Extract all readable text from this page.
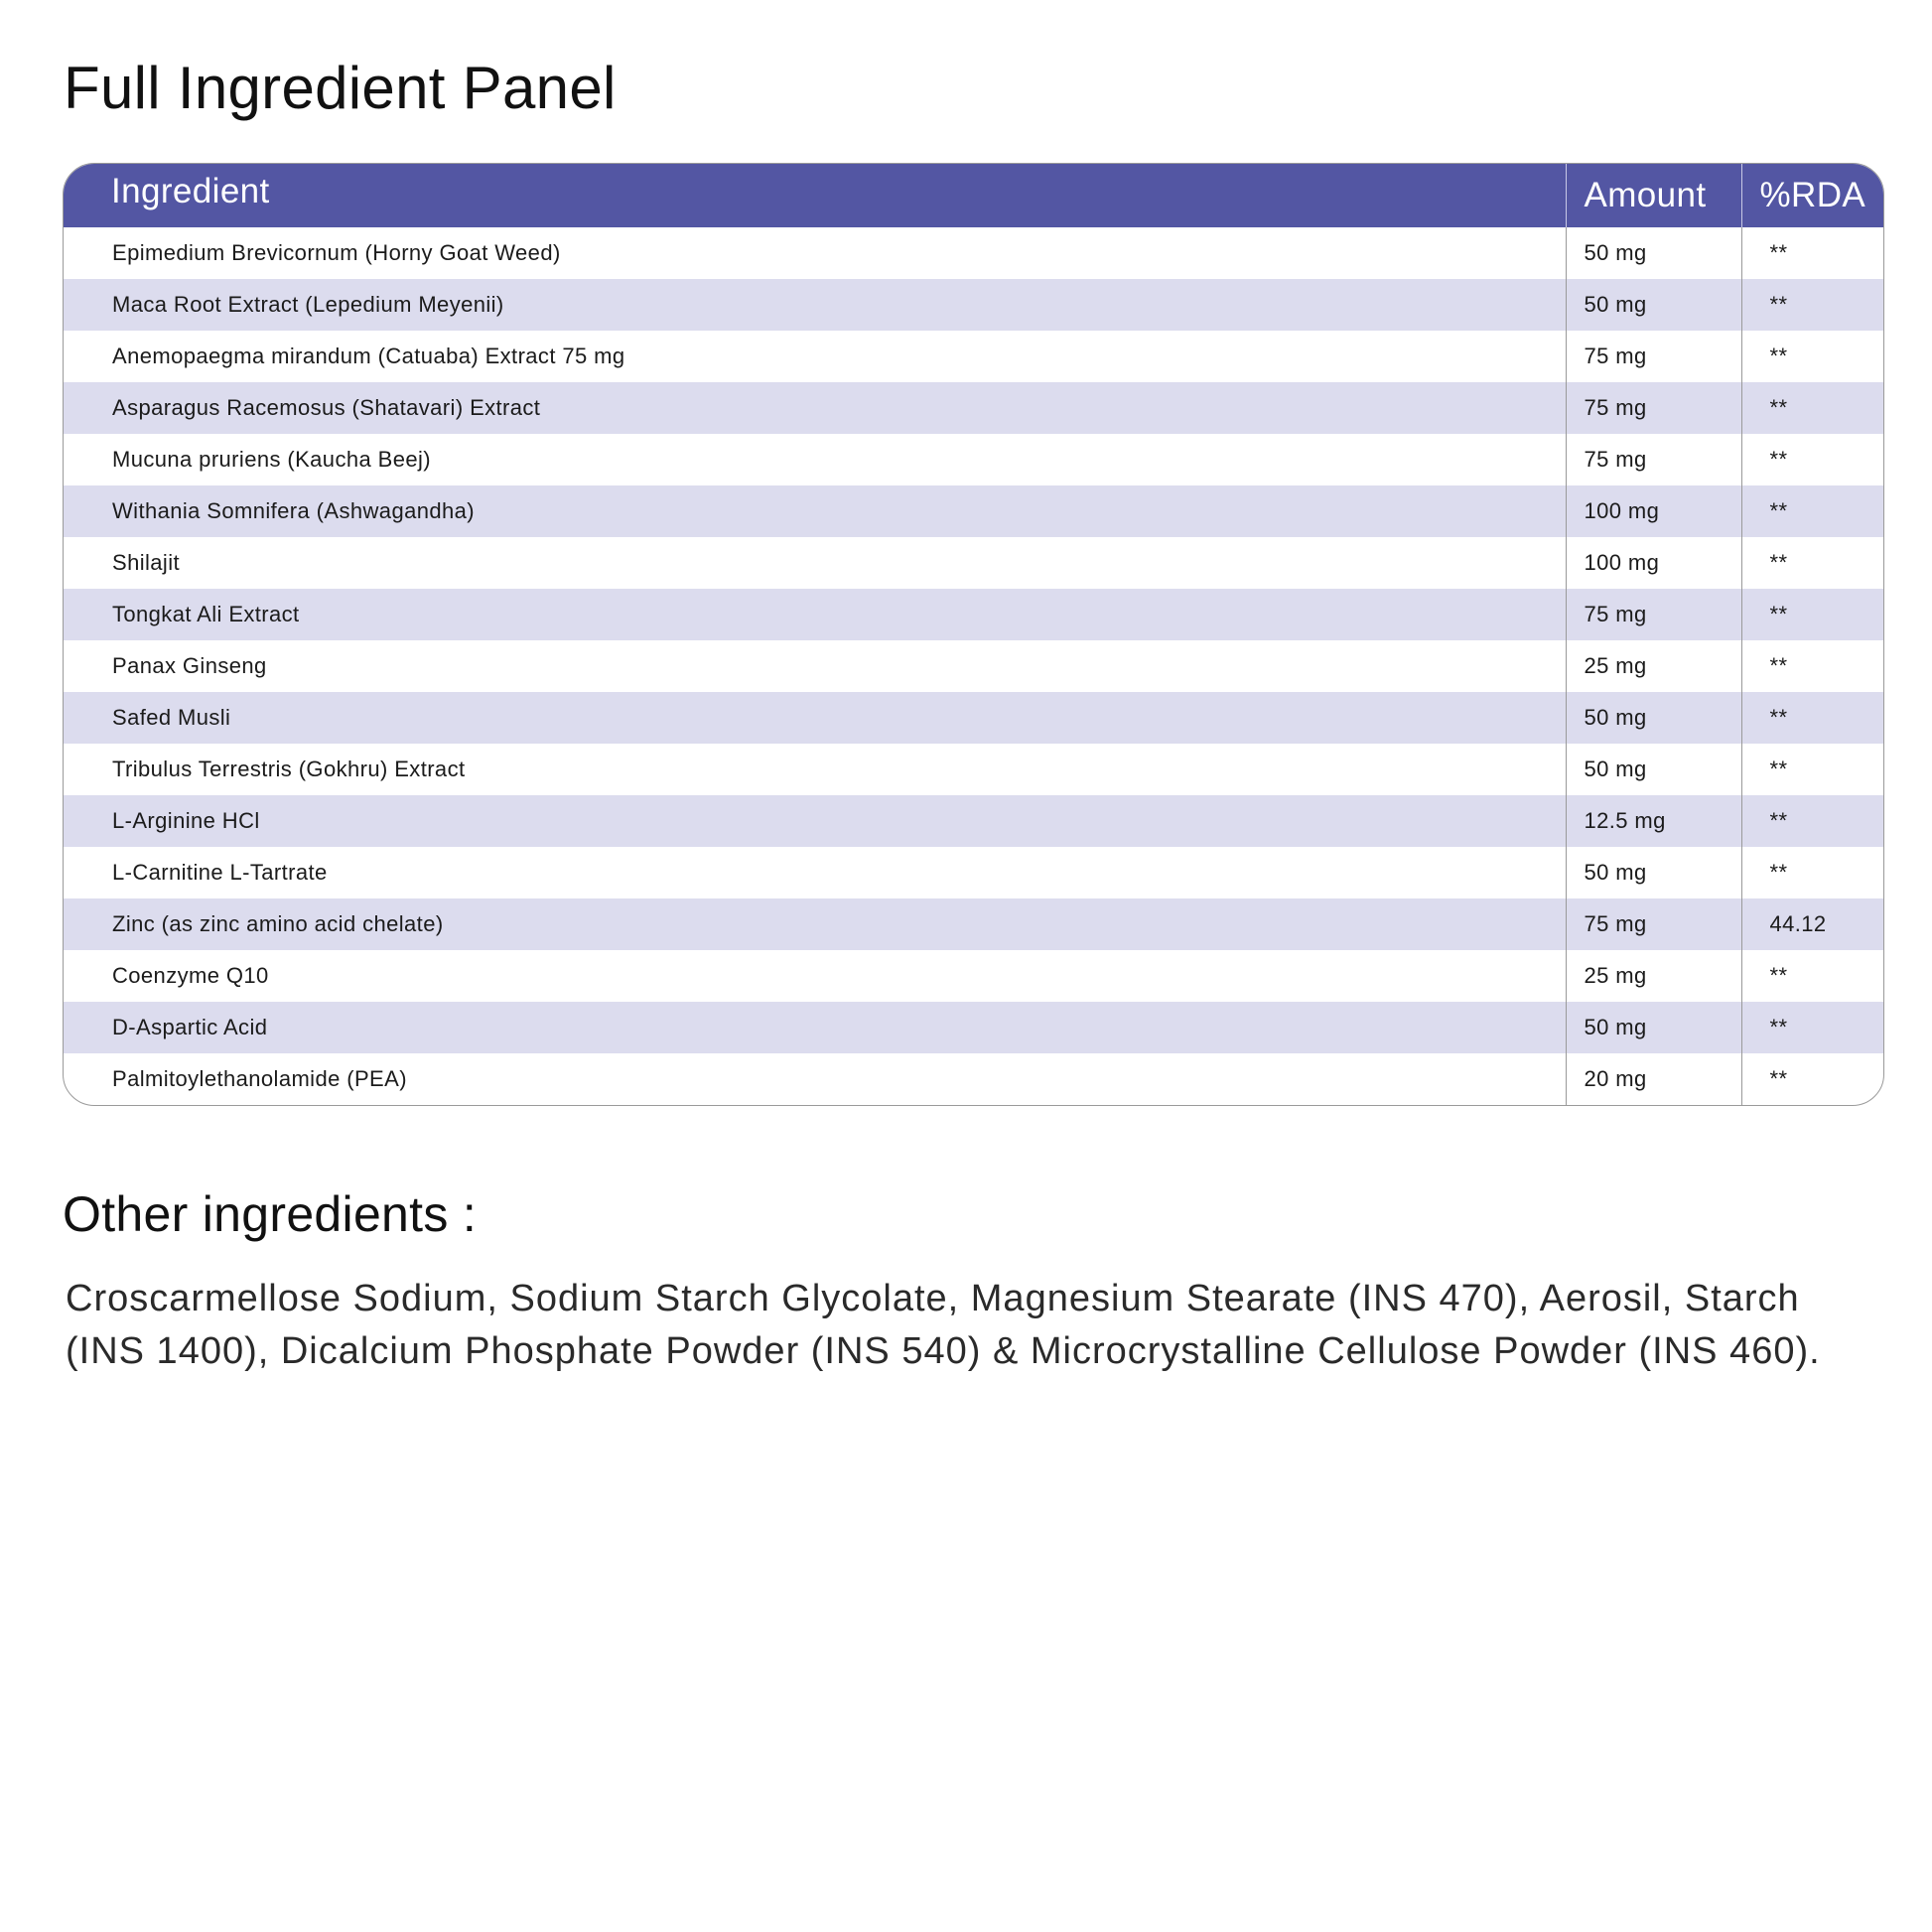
Full Ingredient Panel
Ingredient	Amount	%RDA
Epimedium Brevicornum (Horny Goat Weed)	50 mg	**
Maca Root Extract (Lepedium Meyenii)	50 mg	**
Anemopaegma mirandum (Catuaba) Extract 75 mg	75 mg	**
Asparagus Racemosus (Shatavari) Extract	75 mg	**
Mucuna pruriens (Kaucha Beej)	75 mg	**
Withania Somnifera (Ashwagandha)	100 mg	**
Shilajit	100 mg	**
Tongkat Ali Extract	75 mg	**
Panax Ginseng	25 mg	**
Safed Musli	50 mg	**
Tribulus Terrestris (Gokhru) Extract	50 mg	**
L-Arginine HCl	12.5 mg	**
L-Carnitine L-Tartrate	50 mg	**
Zinc (as zinc amino acid chelate)	75 mg	44.12
Coenzyme Q10	25 mg	**
D-Aspartic Acid	50 mg	**
Palmitoylethanolamide (PEA)	20 mg	**
Other ingredients :

Croscarmellose Sodium, Sodium Starch Glycolate, Magnesium Stearate (INS 470), Aerosil, Starch (INS 1400), Dicalcium Phosphate Powder (INS 540) & Microcrystalline Cellulose Powder (INS 460).
